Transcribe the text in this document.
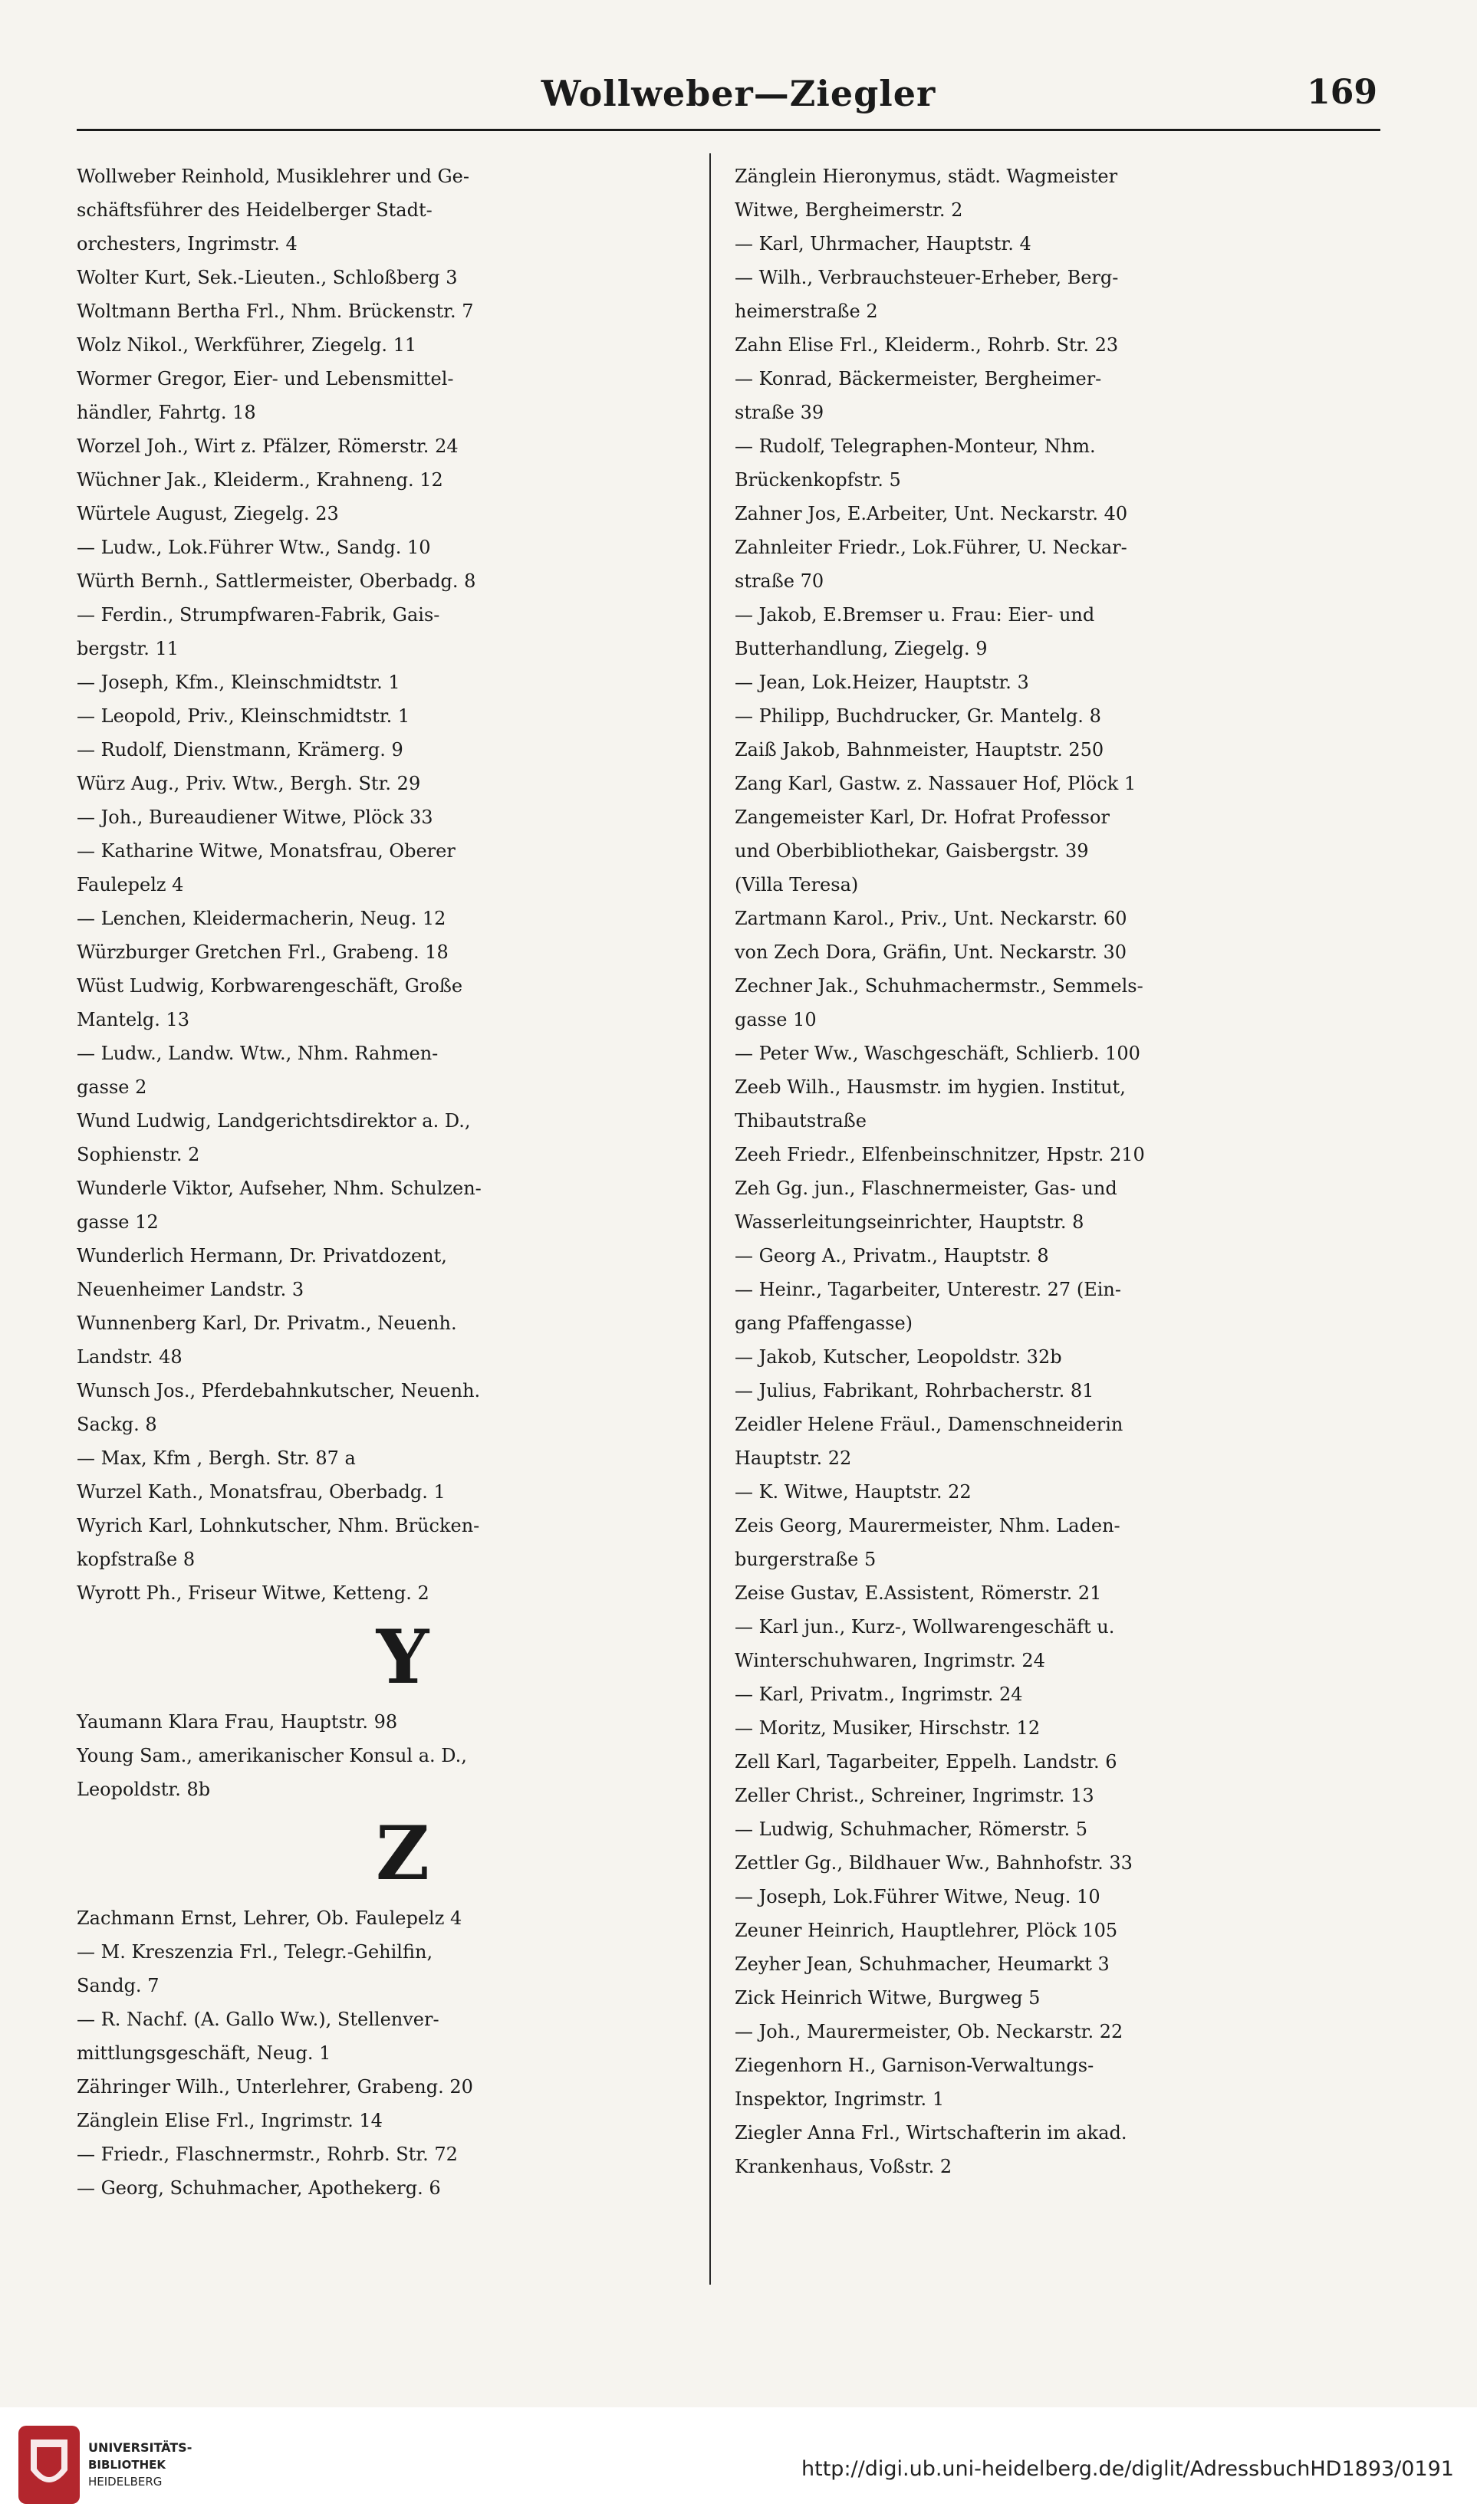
Wollweber—Ziegler	169
Wollweber Reinhold, Musiklehrer und Ge-
schäftsführer des Heidelberger Stadt-
orchesters, Ingrimstr. 4
Wolter Kurt, Sek.-Lieuten., Schloßberg 3
Woltmann Bertha Frl., Nhm. Brückenstr. 7
Wolz Nikol., Werkführer, Ziegelg. 11
Wormer Gregor, Eier- und Lebensmittel-
händler, Fahrtg. 18
Worzel Joh., Wirt z. Pfälzer, Römerstr. 24
Wüchner Jak., Kleiderm., Krahneng. 12
Würtele August, Ziegelg. 23
— Ludw., Lok.Führer Wtw., Sandg. 10
Würth Bernh., Sattlermeister, Oberbadg. 8
— Ferdin., Strumpfwaren-Fabrik, Gais-
bergstr. 11
— Joseph, Kfm., Kleinschmidtstr. 1
— Leopold, Priv., Kleinschmidtstr. 1
— Rudolf, Dienstmann, Krämerg. 9
Würz Aug., Priv. Wtw., Bergh. Str. 29
— Joh., Bureaudiener Witwe, Plöck 33
— Katharine Witwe, Monatsfrau, Oberer
Faulepelz 4
— Lenchen, Kleidermacherin, Neug. 12
Würzburger Gretchen Frl., Grabeng. 18
Wüst Ludwig, Korbwarengeschäft, Große
Mantelg. 13
— Ludw., Landw. Wtw., Nhm. Rahmen-
gasse 2
Wund Ludwig, Landgerichtsdirektor a. D.,
Sophienstr. 2
Wunderle Viktor, Aufseher, Nhm. Schulzen-
gasse 12
Wunderlich Hermann, Dr. Privatdozent,
Neuenheimer Landstr. 3
Wunnenberg Karl, Dr. Privatm., Neuenh.
Landstr. 48
Wunsch Jos., Pferdebahnkutscher, Neuenh.
Sackg. 8
— Max, Kfm , Bergh. Str. 87 a
Wurzel Kath., Monatsfrau, Oberbadg. 1
Wyrich Karl, Lohnkutscher, Nhm. Brücken-
kopfstraße 8
Wyrott Ph., Friseur Witwe, Ketteng. 2
Y
Yaumann Klara Frau, Hauptstr. 98
Young Sam., amerikanischer Konsul a. D.,
Leopoldstr. 8b
Z
Zachmann Ernst, Lehrer, Ob. Faulepelz 4
— M. Kreszenzia Frl., Telegr.-Gehilfin,
Sandg. 7
— R. Nachf. (A. Gallo Ww.), Stellenver-
mittlungsgeschäft, Neug. 1
Zähringer Wilh., Unterlehrer, Grabeng. 20
Zänglein Elise Frl., Ingrimstr. 14
— Friedr., Flaschnermstr., Rohrb. Str. 72
— Georg, Schuhmacher, Apothekerg. 6
Zänglein Hieronymus, städt. Wagmeister
Witwe, Bergheimerstr. 2
— Karl, Uhrmacher, Hauptstr. 4
— Wilh., Verbrauchsteuer-Erheber, Berg-
heimerstraße 2
Zahn Elise Frl., Kleiderm., Rohrb. Str. 23
— Konrad, Bäckermeister, Bergheimer-
straße 39
— Rudolf, Telegraphen-Monteur, Nhm.
Brückenkopfstr. 5
Zahner Jos, E.Arbeiter, Unt. Neckarstr. 40
Zahnleiter Friedr., Lok.Führer, U. Neckar-
straße 70
— Jakob, E.Bremser u. Frau: Eier- und
Butterhandlung, Ziegelg. 9
— Jean, Lok.Heizer, Hauptstr. 3
— Philipp, Buchdrucker, Gr. Mantelg. 8
Zaiß Jakob, Bahnmeister, Hauptstr. 250
Zang Karl, Gastw. z. Nassauer Hof, Plöck 1
Zangemeister Karl, Dr. Hofrat Professor
und Oberbibliothekar, Gaisbergstr. 39
(Villa Teresa)
Zartmann Karol., Priv., Unt. Neckarstr. 60
von Zech Dora, Gräfin, Unt. Neckarstr. 30
Zechner Jak., Schuhmachermstr., Semmels-
gasse 10
— Peter Ww., Waschgeschäft, Schlierb. 100
Zeeb Wilh., Hausmstr. im hygien. Institut,
Thibautstraße
Zeeh Friedr., Elfenbeinschnitzer, Hpstr. 210
Zeh Gg. jun., Flaschnermeister, Gas- und
Wasserleitungseinrichter, Hauptstr. 8
— Georg A., Privatm., Hauptstr. 8
— Heinr., Tagarbeiter, Unterestr. 27 (Ein-
gang Pfaffengasse)
— Jakob, Kutscher, Leopoldstr. 32b
— Julius, Fabrikant, Rohrbacherstr. 81
Zeidler Helene Fräul., Damenschneiderin
Hauptstr. 22
— K. Witwe, Hauptstr. 22
Zeis Georg, Maurermeister, Nhm. Laden-
burgerstraße 5
Zeise Gustav, E.Assistent, Römerstr. 21
— Karl jun., Kurz-, Wollwarengeschäft u.
Winterschuhwaren, Ingrimstr. 24
— Karl, Privatm., Ingrimstr. 24
— Moritz, Musiker, Hirschstr. 12
Zell Karl, Tagarbeiter, Eppelh. Landstr. 6
Zeller Christ., Schreiner, Ingrimstr. 13
— Ludwig, Schuhmacher, Römerstr. 5
Zettler Gg., Bildhauer Ww., Bahnhofstr. 33
— Joseph, Lok.Führer Witwe, Neug. 10
Zeuner Heinrich, Hauptlehrer, Plöck 105
Zeyher Jean, Schuhmacher, Heumarkt 3
Zick Heinrich Witwe, Burgweg 5
— Joh., Maurermeister, Ob. Neckarstr. 22
Ziegenhorn H., Garnison-Verwaltungs-
Inspektor, Ingrimstr. 1
Ziegler Anna Frl., Wirtschafterin im akad.
Krankenhaus, Voßstr. 2
UNIVERSITÄTS-
BIBLIOTHEK
HEIDELBERG
http://digi.ub.uni-heidelberg.de/diglit/AdressbuchHD1893/0191
